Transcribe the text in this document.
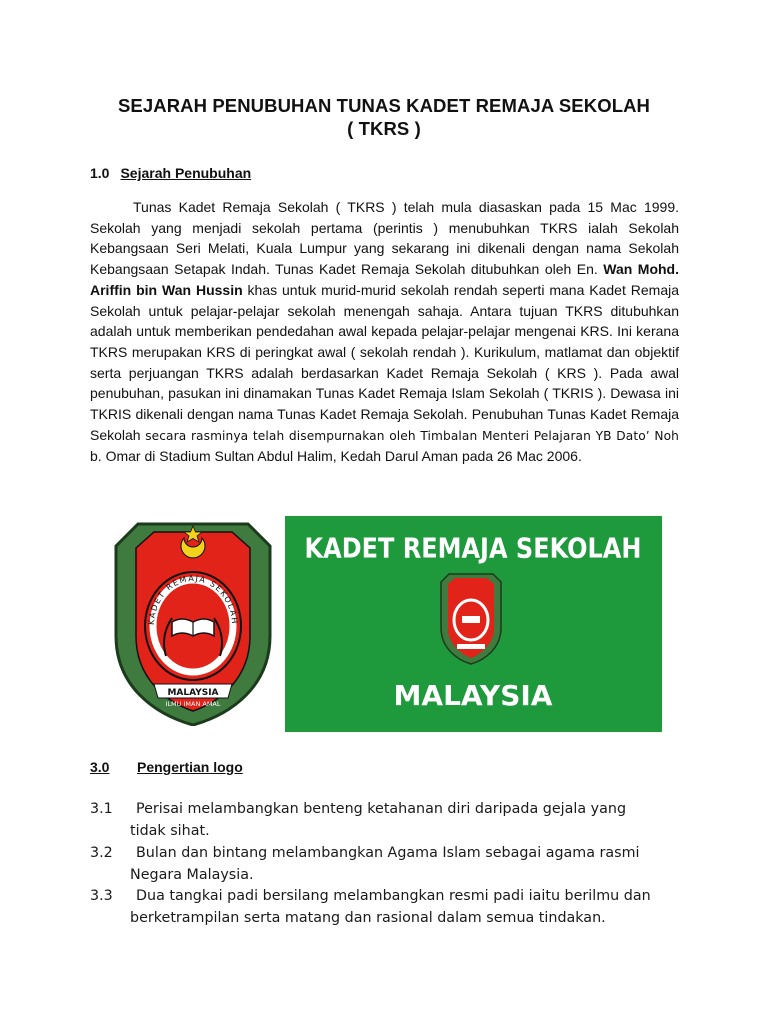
SEJARAH PENUBUHAN TUNAS KADET REMAJA SEKOLAH
( TKRS )

1.0 Sejarah Penubuhan

Tunas Kadet Remaja Sekolah ( TKRS ) telah mula diasaskan pada 15 Mac 1999. Sekolah yang menjadi sekolah pertama (perintis ) menubuhkan TKRS ialah Sekolah Kebangsaan Seri Melati, Kuala Lumpur yang sekarang ini dikenali dengan nama Sekolah Kebangsaan Setapak Indah. Tunas Kadet Remaja Sekolah ditubuhkan oleh En. Wan Mohd. Ariffin bin Wan Hussin khas untuk murid-murid sekolah rendah seperti mana Kadet Remaja Sekolah untuk pelajar-pelajar sekolah menengah sahaja. Antara tujuan TKRS ditubuhkan adalah untuk memberikan pendedahan awal kepada pelajar-pelajar mengenai KRS. Ini kerana TKRS merupakan KRS di peringkat awal ( sekolah rendah ). Kurikulum, matlamat dan objektif serta perjuangan TKRS adalah berdasarkan Kadet Remaja Sekolah ( KRS ). Pada awal penubuhan, pasukan ini dinamakan Tunas Kadet Remaja Islam Sekolah ( TKRIS ). Dewasa ini TKRIS dikenali dengan nama Tunas Kadet Remaja Sekolah. Penubuhan Tunas Kadet Remaja Sekolah secara rasminya telah disempurnakan oleh Timbalan Menteri Pelajaran YB Dato’ Noh b. Omar di Stadium Sultan Abdul Halim, Kedah Darul Aman pada 26 Mac 2006.

KADET REMAJA SEKOLAH
MALAYSIA
ILMU IMAN AMAL
KADET REMAJA SEKOLAH
MALAYSIA

3.0 Pengertian logo

3.1 Perisai melambangkan benteng ketahanan diri daripada gejala yang
tidak sihat.
3.2 Bulan dan bintang melambangkan Agama Islam sebagai agama rasmi
Negara Malaysia.
3.3 Dua tangkai padi bersilang melambangkan resmi padi iaitu berilmu dan
berketrampilan serta matang dan rasional dalam semua tindakan.
